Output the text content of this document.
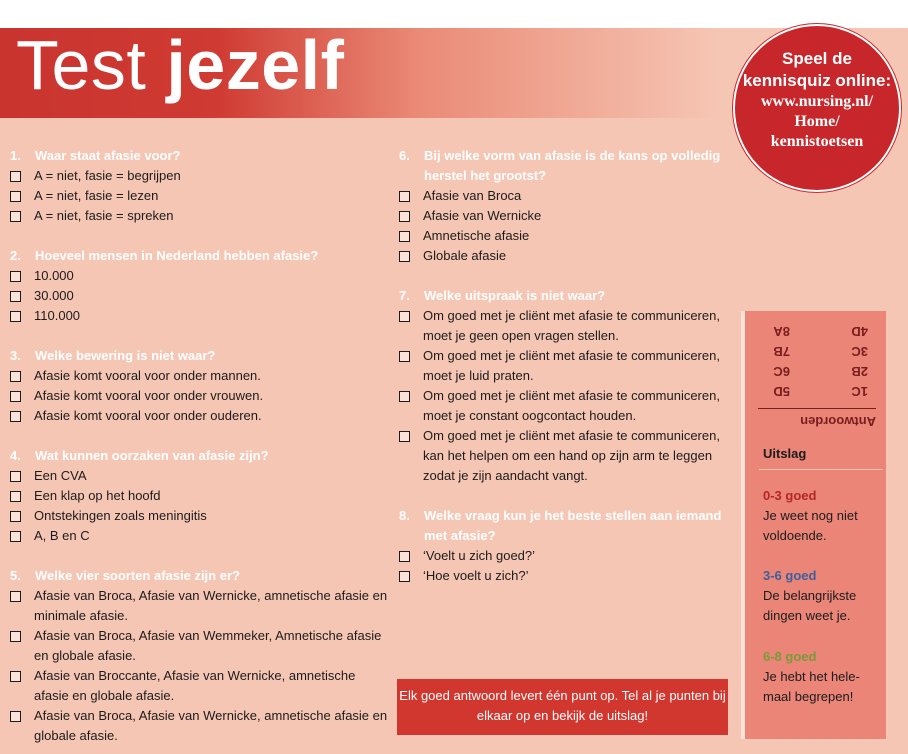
Test jezelf	Speel de
kennisquiz online:
www.nursing.nl/
Home/
kennistoetsen
1.	Waar staat afasie voor?
A = niet, fasie = begrijpen
A = niet, fasie = lezen
A = niet, fasie = spreken
2.	Hoeveel mensen in Nederland hebben afasie?
10.000
30.000
110.000
3.	Welke bewering is niet waar?
Afasie komt vooral voor onder mannen.
Afasie komt vooral voor onder vrouwen.
Afasie komt vooral voor onder ouderen.
4.	Wat kunnen oorzaken van afasie zijn?
Een CVA
Een klap op het hoofd
Ontstekingen zoals meningitis
A, B en C
5.	Welke vier soorten afasie zijn er?
Afasie van Broca, Afasie van Wernicke, amnetische afasie en minimale afasie.
Afasie van Broca, Afasie van Wemmeker, Amnetische afasie en globale afasie.
Afasie van Broccante, Afasie van Wernicke, amnetische afasie en globale afasie.
Afasie van Broca, Afasie van Wernicke, amnetische afasie en globale afasie.
6.	Bij welke vorm van afasie is de kans op volledig herstel het grootst?
Afasie van Broca
Afasie van Wernicke
Amnetische afasie
Globale afasie
7.	Welke uitspraak is niet waar?
Om goed met je cliënt met afasie te communiceren, moet je geen open vragen stellen.
Om goed met je cliënt met afasie te communiceren, moet je luid praten.
Om goed met je cliënt met afasie te communiceren, moet je constant oogcontact houden.
Om goed met je cliënt met afasie te communiceren, kan het helpen om een hand op zijn arm te leggen zodat je zijn aandacht vangt.
8.	Welke vraag kun je het beste stellen aan iemand met afasie?
‘Voelt u zich goed?’
‘Hoe voelt u zich?’
Elk goed antwoord levert één punt op. Tel al je punten bij elkaar op en bekijk de uitslag!
Antwoorden
1C
2B
3C
4D
5D
6C
7B
8A
Uitslag
0-3 goed
Je weet nog niet voldoende.
3-6 goed
De belangrijkste dingen weet je.
6-8 goed
Je hebt het hele-maal begrepen!
